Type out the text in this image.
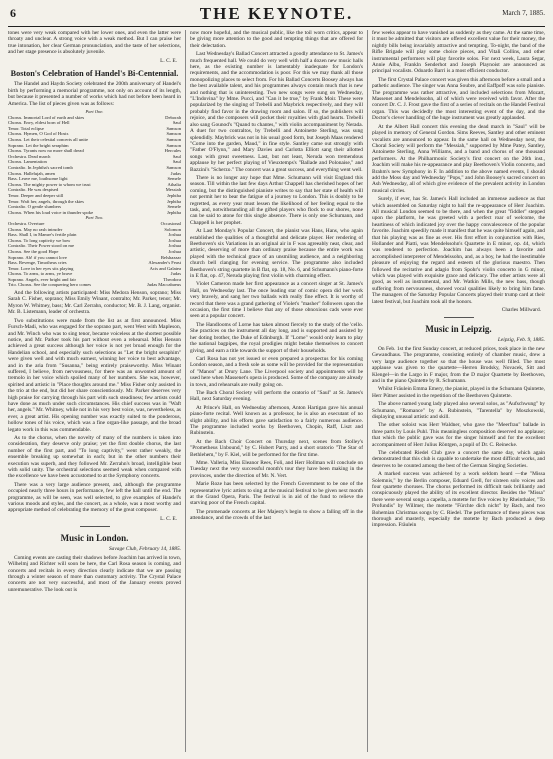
6	THE KEYNOTE.	March 7, 1885.

tones were very weak compared with her lower ones, and even the latter were throaty and unclear. A strong voice with a weak method. But I can praise her true intonation, her clear German pronunciation, and the taste of her selections, and her stage presence is absolutely juvenile.

L. C. E.
Boston's Celebration of Handel's Bi-Centennial.

The Handel and Haydn Society celebrated the 200th anniversary of Handel's birth by performing a memorial programme, not only on account of its length, but because it presented a number of works which had not before been heard in America. The list of pieces given was as follows:

Part One.
Chorus. Immortal Lord of earth and skies	Deborah
Chorus. Envy, eldest born of Hell	Saul
Tenor. Total eclipse	Samson
Chorus. Hymen, O God of Hosts	Samson
Chorus. Let their celestial concerts all unite	Samson
Soprano. Let the bright seraphim	Samson
Chorus. Tyrants now no more shall dread	Hercules
Orchestra. Dead march	Saul
Chorus. Lamentation	Saul
Contralto. In Jephtha's sacred tomb	Samson
Chorus. Hallelujah, amen	Judas
Bass. Leave me, loathsome light	Semele
Chorus. The mighty power to whom we trust	Athalia
Contralto. He was despised	Messiah
Tenor. Deeper and deeper still	Jephtha
Tenor. Waft her, angels, through the skies	Jephtha
Contralto. O gentle slumbers	Semele
Chorus. When his loud voice in thunder spoke	Jephtha
Part Two.
Orchestra. Overture	Occasional
Chorus. May no rash intruder	Solomon
Bass. Shall I, in Mamre's fertile plain	Joshua
Chorus. To long captivity we bow	Joshua
Contralto. Their Power stood on me	Joshua
Chorus. See the good Hope	Joshua
Soprano. Ah! if you cannot love	Belshazzar
Bass. Revenge, Timotheus cries	Alexander's Feast
Tenor. Love in her eyes sits playing	Acis and Galatea
Chorus. To arms, to arms, ye brave	Judas
Soprano. Angels, ever bright and fair	Theodora
Trio. Chorus. See the conquering hero comes	Judas Maccabaeus

And the following artists participated: Miss Medora Henson, soprano; Miss Sarah C. Fisher, soprano; Miss Emily Winant, contralto; Mr. Parker, tenor; Mr. Myron W. Whitney, bass; Mr. Carl Zerrahn, conductor; Mr. B. J. Lang, organist. Mr. B. Listemann, leader of orchestra.

Two substitutions were made from the list as at first announced. Miss Fursch-Madi, who was engaged for the soprano part, went West with Mapleson, and Mr. Winch who was to sing tenor, became voiceless at the shortest possible notice, and Mr. Parker took his part without even a rehearsal. Miss Henson achieved a great success although her voice is not yet broad enough for the Handelian school, and especially such selections as "Let the bright seraphim" were given well and with much earnest, winning her voice to best advantage, and in the aria from "Susanna," being entirely praiseworthy. Miss Winant suffered, I believe, from nervousness, for there was an unwonted amount of tremolo in her voice which spoiled many of her numbers. She was, however, spirited and artistic in "Place thoughts around me." Miss Fisher only assisted in the trio at the end, but did her share conscientiously. Mr. Parker deserves very high praise for carrying through his part with such steadiness; few artists could have done as much under such circumstances. His chief success was in "Waft her, angels." Mr. Whitney, while not in his very best voice, was, nevertheless, as ever, a great artist. His opening number was exactly suited to the ponderous, hollow tones of his voice, which was a fine organ-like passage, and the broad legato work in this was commendable.

As to the chorus, when the novelty of many of the numbers is taken into consideration, they deserve only praise; yet the first double chorus, the last number of the first part, and "To long captivity," went rather weakly, the ensemble breaking up somewhat in each; but in the other numbers their execution was superb, and they followed Mr. Zerrahn's broad, intelligible beat with solid unity. The orchestral selections seemed weak when compared with the excellence we have been accustomed to at the Symphony concerts.

There was a very large audience present, and, although the programme occupied nearly three hours in performance, few left the hall until the end. The programme, as will be seen, was well selected, to give examples of Handel's various moods and styles, and the concert, as a whole, was a most worthy and appropriate method of celebrating the memory of the great composer.

L. C. E.
Music in London.
Savage Club, February 14, 1885.

Coming events are casting their shadows before Joachim has arrived in town, Wilhelmj and Richter will soon be here, the Carl Rosa season is coming, and concerts and recitals in every direction clearly indicate that we are passing through a winter season of more than customary activity. The Crystal Palace concerts are not very successful, and most of the January events proved unremunerative. The look out is

now more hopeful, and the musical public, like the toil worn critics, appear to be giving more attention to the good and tempting things that are offered for their delectation.

Last Wednesday's Ballad Concert attracted a goodly attendance to St. James's much frequented hall. We could do very well with half a dozen new music halls here, as the existing number is lamentably inadequate for London's requirements, and the accommodation is poor. For this we may thank all those monopolizing places to select from. For his Ballad Concerts Boosey always has the best available talent, and his programmes always contain much that is new and nothing that is uninteresting. Two new songs were sung on Wednesday, "L'Indovina" by Mme. Pucci, and "Can it be true," by Frank Moir. These were popularized by the singing of Trebelli and Maybrick respectively, and they will probably find favor in the drawing room and salon. If so, the publishers will rejoice, and the composers will pocket their royalties with glad hearts. Trebelli also sang Gounod's "Quand tu chantes," with violin accompaniment by Nerada. A duet for two contraltos, by Trebelli and Antoinette Sterling, was sung splendidly. Maybrick was not in his usual good form, but Joseph Maas rendered "Come into the garden, Maud," in fine style. Santley came out strongly with "Father O'Flynn," and Mary Davies and Carlotta Elliott sang their allotted songs with great sweetness. Last, but not least, Neruda won tremendous applause by her perfect playing of Vieuxtemps's "Ballade and Polonaise," and Bazzini's "Scherzo." The concert was a great success, and everything went well.

There is no longer any hope that Mme. Schumann will visit England this season. Till within the last few days Arthur Chappell has cherished hopes of her coming, but the distinguished pianiste writes to say that her state of health will not permit her to bear the fatigue of a journey to London. This is doubly to be regretted, as every year must lessen the likelihood of her feeling equal to the task, and, notwithstanding all the gifted players who flock to our shores, none can be said to atone for this single absence. There is only one Schumann, and Chappell is her prophet.

At Last Monday's Popular Concert, the pianist was Hans, Hans, who again established the qualities of a thoughtful and delicate player. Her rendering of Beethoven's six Variations in an original air in F was agreeably neat, clear, and artistic, deserving of more than ordinary praise because the entire work was played with the technical grace of an unsmiling audience, and a neighboring church bell clanging for evening service. The programme also included Beethoven's string quartette in B flat, op. 18, No. 6, and Schumann's piano-forte in E flat, op. 47, Neruda playing first violin with charming effect.

Violet Cameron made her first appearance as a concert singer at St. James's Hall, on Wednesday last. The once leading star of comic opera did her work very bravely, and sang her two ballads with really fine effect. It is worthy of record that there was a grand gathering of Violet's "masher" followers upon the occasion, the first time I believe that any of those obnoxious cads were ever seen at a popular concert.

The Handlooms of Lorne has taken almost fiercely to the study of the 'cello. She practices on the instrument all day long, and is supported and assisted by her doting brother, the Duke of Edinburgh. If "Lorne" would only learn to play the national bagpipes, the royal prodigies might betake themselves to concert giving, and earn a title towards the support of their households.

Carl Rosa has not yet issued or even prepared a prospectus for his coming London season, and a fresh sole as some will be provided for the representation of "Manon" at Drury Lane. The Liverpool society and appointments will be used here when Massenet's opera is produced. Some of the company are already in town, and rehearsals are really going on.

The Bach Choral Society will perform the oratorio of "Saul" at St. James's Hall, next Saturday evening.

At Prince's Hall, on Wednesday afternoon, Anton Hartigan gave his annual piano-forte recital. Well known as a professor, he is also an executant of no slight ability, and his efforts gave satisfaction to a fairly numerous audience. The programme included works by Beethoven, Chopin, Raff, Liszt and Rubinstein.

At the Bach Choir Concert on Thursday next, scenes from Stolley's "Prometheus Unbound," by C. Hubert Parry, and a short oratorio "The Star of Bethlehem," by F. Kiel, will be performed for the first time.

Mme. Valleria, Miss Eleanor Rees, Foli, and Herr Hollman will conclude on Tuesday next the very successful month's tour they have been making in the provinces, under the direction of Mr. N. Vert.

Marie Roze has been selected by the French Government to be one of the representative lyric artists to sing at the musical festival to be given next month at the Grand Opera, Paris. The festival is in aid of the fund to relieve the starving poor of the French capital.

The promenade concerts at Her Majesty's begin to show a falling off in the attendance, and the crowds of the last

few weeks appear to have vanished as suddenly as they came. At the same time, it must be admitted that visitors are offered excellent value for their money, the nightly bills being invariably attractive and tempting. To-night, the band of the Rifle Brigade will play some choice pieces, and Vitali Collins, and other instrumental performers will play favorite solos. For next week, Laura Segar, Annie Albu, Frankln Senderhot and Joseph Playnoist are announced as principal vocalists. Odoardo Barri is a most efficient conductor.

The first Crystal Palace concert was given this afternoon before a small and a pathetic audience. The singer was Anna Soubre, and Eaffpoff was solo pianiste. The programme was rather attractive, and included selections from Mozart, Massenet and Mendelssohn, all of which were received with favor. After the concert Dr. C. J. Frost gave the first of a series of recitals on the Handel Festival organ. This was decidedly the most interesting event of the day, and the Doctor's clever handling of the huge instrument was greatly applauded.

At the Albert Hall concert this evening the dead march in "Saul" will be played in memory of General Gordon. Sims Reeves, Santley and other eminent vocalists are announced to appear. In the same hall on Wednesday next, the Choral Society will perform the "Messiah," supported by Mme Patey, Santley, Antoinette Sterling, Anna Williams, and a band and chorus of one thousand performers. At the Philharmonic Society's first concert on the 26th inst., Joachim will make his re-appearance and play Beethoven's Violin concerto, and Brahm's new Symphony in F. In addition to the above named events, I should add the Moss day and Wednesday "Pops," and John Boosey's sacred concert on Ash Wednesday, all of which give evidence of the prevalent activity in London musical circles.

Surely, if ever, has St. James's Hall included an immense audience as that which assembled on Saturday night to hail the re-appearance of Herr Joachim. All musical London seemed to be there, and when the great "fiddler" stepped upon the platform, he was greeted with a perfect roar of welcome, the heartiness of which indicated joy over the happy convalescence of the popular favorite. Joachim speedily made it manifest that he was quite himself again, and that his playing was as fine as ever. His first effort in conjunction with Ries, Hollander and Piatti, was Mendelssohn's Quartette in E minor, op. 44, which was rendered to perfection. Joachim has always been a favorite and accomplished interpreter of Mendelssohn, and, as a boy, he had the inestimable pleasure of enjoying the regard and esteem of the glorious maestro. Then followed the recitative and adagio from Spohr's violin concerto in G minor, which was played with exquisite grace and delicacy. The other artists were all good, as well as instrumental, and Mr. Watkin Mills, the new bass, though suffering from nervousness, showed vocal qualities likely to bring him fame. The managers of the Saturday Popular Concerts played their trump card at their latest festival, but Joachim took all the honors.

Charles Millward.
Music in Leipzig.
Leipzig, Feb. 9, 1885.

On Feb. 1st the first Sunday concert, at reduced prices, took place in the new Gewandhaus. The programme, consisting entirely of chamber music, drew a very large audience together so that the house was well filled. The most applause was given to the quartette—Herren Brodsky, Novacek, Sitt and Klengel—in the Largo in F major, from the D major Quartette by Beethoven, and in the piano Quintette by R. Schumann.

Whilst Fräulein Emma Emery, the pianist, played in the Schumann Quintette, Herr Pütner assisted in the repetition of the Beethoven Quintette.

The above named young lady played also several solos, as "Aufschwung" by Schumann, "Romance" by A. Rubinstein, "Tarentella" by Moszkowski, displaying unusual artistic and skill.

The other soloist was Herr Waldner, who gave the "Meerfrau" ballade in three parts by Louis Puhl. This meaningless composition deserved no applause; that which the public gave was for the singer himself and for the excellent accompaniment of Herr Julius Röntgen, a pupil of Dr. C. Reinecke.

The celebrated Riedel Club gave a concert the same day, which again demonstrated that this club is capable to undertake the most difficult works, and deserves to be counted among the best of the German Singing Societies.

A marked success was achieved by a work seldom heard —the "Missa Solemnis," by the Berlin composer, Eduard Grell, for sixteen solo voices and four quartette choruses. The chorus performed its difficult task brilliantly and conspicuously played the ability of its excellent director. Besides the "Missa" there were several songs a capella, a motette for five voices by Rheinthaler, "To Profundis" by Willmer, the motette "Fürchte dich nicht" by Bach, and two Bohemian Christmas songs by C. Riedel. The performance of these pieces was thorough and masterly, especially the motette by Bach produced a deep impression. Fräulein
